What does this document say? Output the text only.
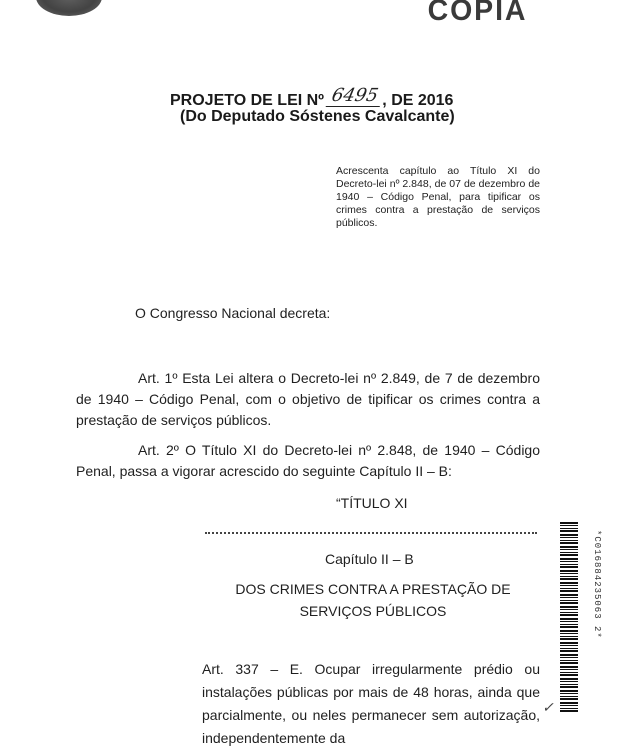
COPIA
PROJETO DE LEI Nº 6495 , DE 2016
(Do Deputado Sóstenes Cavalcante)
Acrescenta capítulo ao Título XI do Decreto-lei nº 2.848, de 07 de dezembro de 1940 – Código Penal, para tipificar os crimes contra a prestação de serviços públicos.
O Congresso Nacional decreta:
Art. 1º Esta Lei altera o Decreto-lei nº 2.849, de 7 de dezembro de 1940 – Código Penal, com o objetivo de tipificar os crimes contra a prestação de serviços públicos.
Art. 2º O Título XI do Decreto-lei nº 2.848, de 1940 – Código Penal, passa a vigorar acrescido do seguinte Capítulo II – B:
“TÍTULO XI
Capítulo II – B
DOS CRIMES CONTRA A PRESTAÇÃO DE SERVIÇOS PÚBLICOS
Art. 337 – E. Ocupar irregularmente prédio ou instalações públicas por mais de 48 horas, ainda que parcialmente, ou neles permanecer sem autorização, independentemente da
*C016884235063 2*
✓
